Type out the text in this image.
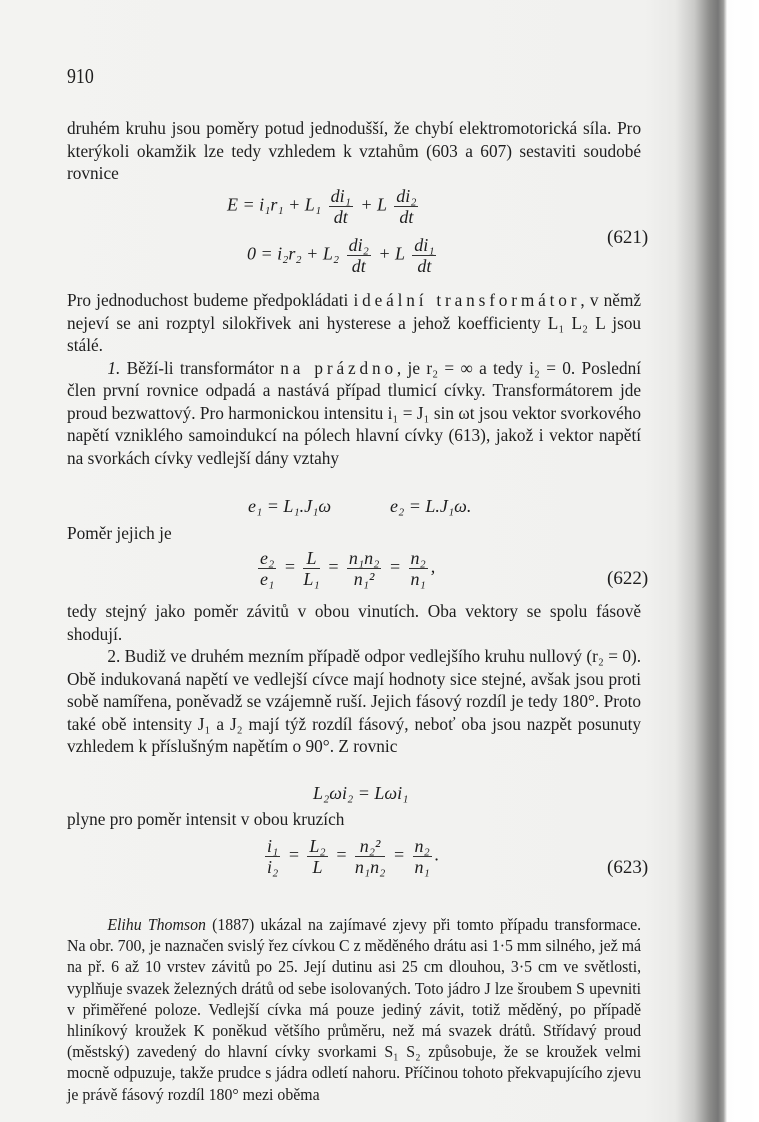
910

druhém kruhu jsou poměry potud jednodušší, že chybí elektromotorická síla. Pro kterýkoli okamžik lze tedy vzhledem k vztahům (603 a 607) sestaviti soudobé rovnice

$E = i_1r_1 + L_1 \frac{\text{di₁}}{dt} + L \frac{\text{di₂}}{dt}$
$0 = i_2r_2 + L_2 \frac{\text{di₂}}{dt} + L \frac{\text{di₁}}{dt}$	(621)

Pro jednoduchost budeme předpokládati ideální transformátor, v němž nejeví se ani rozptyl silokřivek ani hysterese a jehož koefficienty L₁ L₂ L jsou stálé.

1. Běží-li transformátor na prázdno, je r₂ = ∞ a tedy i₂ = 0. Poslední člen první rovnice odpadá a nastává případ tlumicí cívky. Transformátorem jde proud bezwattový. Pro harmonickou intensitu i₁ = J₁ sin ωt jsou vektor svorkového napětí vzniklého samoindukcí na pólech hlavní cívky (613), jakož i vektor napětí na svorkách cívky vedlejší dány vztahy

e₁ = L₁.J₁ω	e₂ = L.J₁ω.

Poměr jejich je

$\frac{\text{e₂}}{\text{e₁}} = \frac{L}{\text{L₁}} = \frac{\text{n₁n₂}}{\text{n₁²}} = \frac{\text{n₂}}{\text{n₁}}$ ,
(622)

tedy stejný jako poměr závitů v obou vinutích. Oba vektory se spolu fásově shodují.

2. Budiž ve druhém mezním případě odpor vedlejšího kruhu nullový (r₂ = 0). Obě indukovaná napětí ve vedlejší cívce mají hodnoty sice stejné, avšak jsou proti sobě namířena, poněvadž se vzájemně ruší. Jejich fásový rozdíl je tedy 180°. Proto také obě intensity J₁ a J₂ mají týž rozdíl fásový, neboť oba jsou nazpět posunuty vzhledem k příslušným napětím o 90°. Z rovnic

L₂ωi₂ = Lωi₁

plyne pro poměr intensit v obou kruzích

$\frac{\text{i₁}}{\text{i₂}} = \frac{\text{L₂}}{L} = \frac{\text{n₂²}}{\text{n₁n₂}} = \frac{\text{n₂}}{\text{n₁}}$ .
(623)

Elihu Thomson (1887) ukázal na zajímavé zjevy při tomto případu transformace. Na obr. 700, je naznačen svislý řez cívkou C z měděného drátu asi 1·5 mm silného, jež má na př. 6 až 10 vrstev závitů po 25. Její dutinu asi 25 cm dlouhou, 3·5 cm ve světlosti, vyplňuje svazek železných drátů od sebe isolovaných. Toto jádro J lze šroubem S upevniti v přiměřené poloze. Vedlejší cívka má pouze jediný závit, totiž měděný, po případě hliníkový kroužek K poněkud většího průměru, než má svazek drátů. Střídavý proud (městský) zavedený do hlavní cívky svorkami S₁ S₂ způsobuje, že se kroužek velmi mocně odpuzuje, takže prudce s jádra odletí nahoru. Příčinou tohoto překvapujícího zjevu je právě fásový rozdíl 180° mezi oběma
